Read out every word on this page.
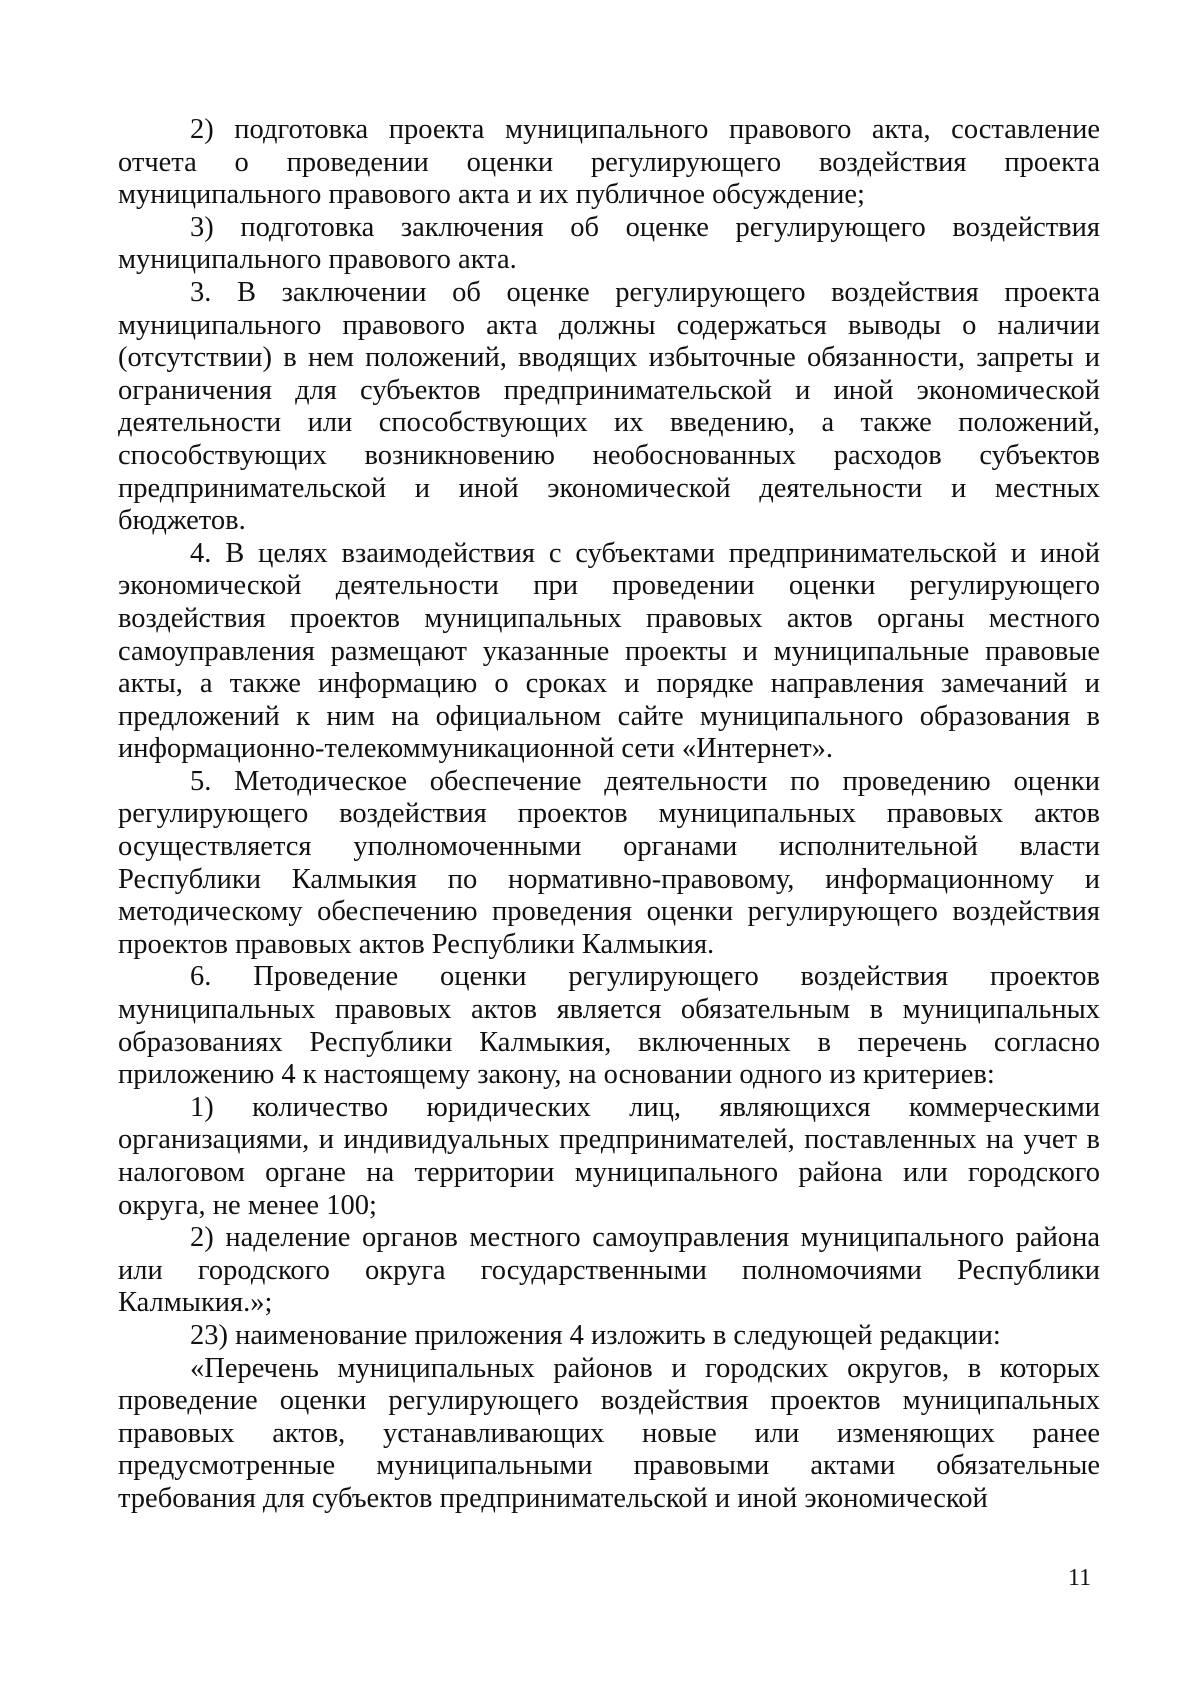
2) подготовка проекта муниципального правового акта, составление отчета о проведении оценки регулирующего воздействия проекта муниципального правового акта и их публичное обсуждение;

3) подготовка заключения об оценке регулирующего воздействия муниципального правового акта.

3. В заключении об оценке регулирующего воздействия проекта муниципального правового акта должны содержаться выводы о наличии (отсутствии) в нем положений, вводящих избыточные обязанности, запреты и ограничения для субъектов предпринимательской и иной экономической деятельности или способствующих их введению, а также положений, способствующих возникновению необоснованных расходов субъектов предпринимательской и иной экономической деятельности и местных бюджетов.

4. В целях взаимодействия с субъектами предпринимательской и иной экономической деятельности при проведении оценки регулирующего воздействия проектов муниципальных правовых актов органы местного самоуправления размещают указанные проекты и муниципальные правовые акты, а также информацию о сроках и порядке направления замечаний и предложений к ним на официальном сайте муниципального образования в информационно-телекоммуникационной сети «Интернет».

5. Методическое обеспечение деятельности по проведению оценки регулирующего воздействия проектов муниципальных правовых актов осуществляется уполномоченными органами исполнительной власти Республики Калмыкия по нормативно-правовому, информационному и методическому обеспечению проведения оценки регулирующего воздействия проектов правовых актов Республики Калмыкия.

6. Проведение оценки регулирующего воздействия проектов муниципальных правовых актов является обязательным в муниципальных образованиях Республики Калмыкия, включенных в перечень согласно приложению 4 к настоящему закону, на основании одного из критериев:

1) количество юридических лиц, являющихся коммерческими организациями, и индивидуальных предпринимателей, поставленных на учет в налоговом органе на территории муниципального района или городского округа, не менее 100;

2) наделение органов местного самоуправления муниципального района или городского округа государственными полномочиями Республики Калмыкия.»;

23) наименование приложения 4 изложить в следующей редакции:

«Перечень муниципальных районов и городских округов, в которых проведение оценки регулирующего воздействия проектов муниципальных правовых актов, устанавливающих новые или изменяющих ранее предусмотренные муниципальными правовыми актами обязательные требования для субъектов предпринимательской и иной экономической

11
